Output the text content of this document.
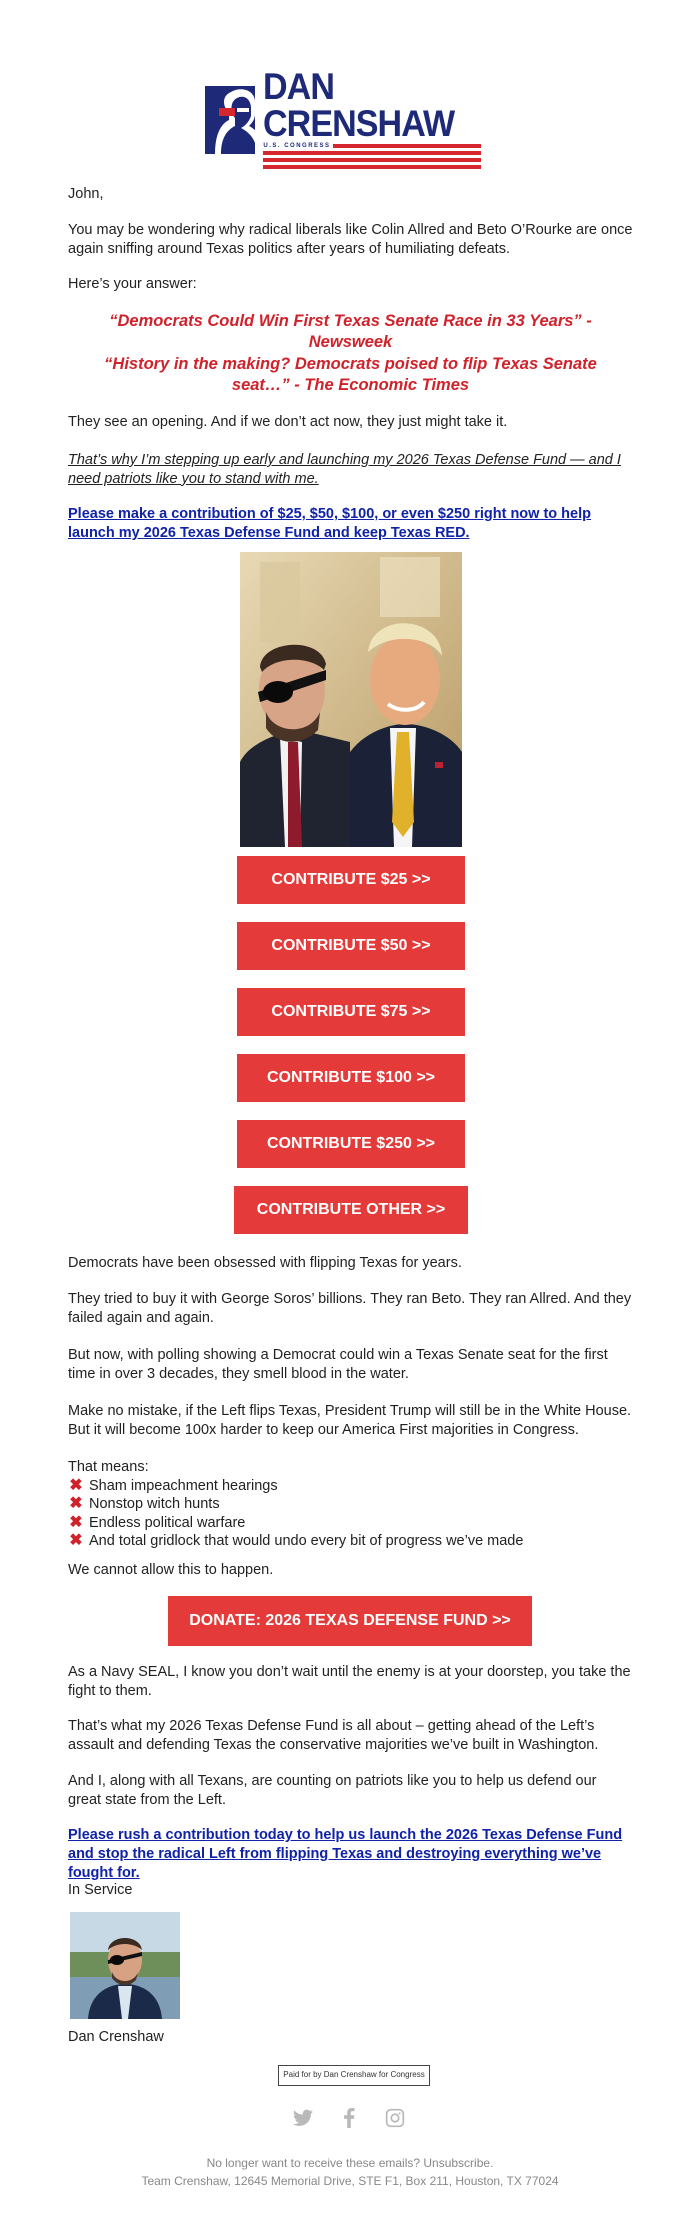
DAN CRENSHAW
U.S. CONGRESS
John,
You may be wondering why radical liberals like Colin Allred and Beto O’Rourke are once again sniffing around Texas politics after years of humiliating defeats.
Here’s your answer:
“Democrats Could Win First Texas Senate Race in 33 Years” - Newsweek
“History in the making? Democrats poised to flip Texas Senate seat…” - The Economic Times
They see an opening. And if we don’t act now, they just might take it.
That’s why I’m stepping up early and launching my 2026 Texas Defense Fund — and I need patriots like you to stand with me.
Please make a contribution of $25, $50, $100, or even $250 right now to help launch my 2026 Texas Defense Fund and keep Texas RED.
CONTRIBUTE $25 >>
CONTRIBUTE $50 >>
CONTRIBUTE $75 >>
CONTRIBUTE $100 >>
CONTRIBUTE $250 >>
CONTRIBUTE OTHER >>
Democrats have been obsessed with flipping Texas for years.
They tried to buy it with George Soros’ billions. They ran Beto. They ran Allred. And they failed again and again.
But now, with polling showing a Democrat could win a Texas Senate seat for the first time in over 3 decades, they smell blood in the water.
Make no mistake, if the Left flips Texas, President Trump will still be in the White House. But it will become 100x harder to keep our America First majorities in Congress.
That means:
✖ Sham impeachment hearings
✖ Nonstop witch hunts
✖ Endless political warfare
✖ And total gridlock that would undo every bit of progress we’ve made
We cannot allow this to happen.
DONATE: 2026 TEXAS DEFENSE FUND >>
As a Navy SEAL, I know you don’t wait until the enemy is at your doorstep, you take the fight to them.
That’s what my 2026 Texas Defense Fund is all about – getting ahead of the Left’s assault and defending Texas the conservative majorities we’ve built in Washington.
And I, along with all Texans, are counting on patriots like you to help us defend our great state from the Left.
Please rush a contribution today to help us launch the 2026 Texas Defense Fund and stop the radical Left from flipping Texas and destroying everything we’ve fought for.
In Service
Dan Crenshaw
Paid for by Dan Crenshaw for Congress
No longer want to receive these emails? Unsubscribe.
Team Crenshaw, 12645 Memorial Drive, STE F1, Box 211, Houston, TX 77024
